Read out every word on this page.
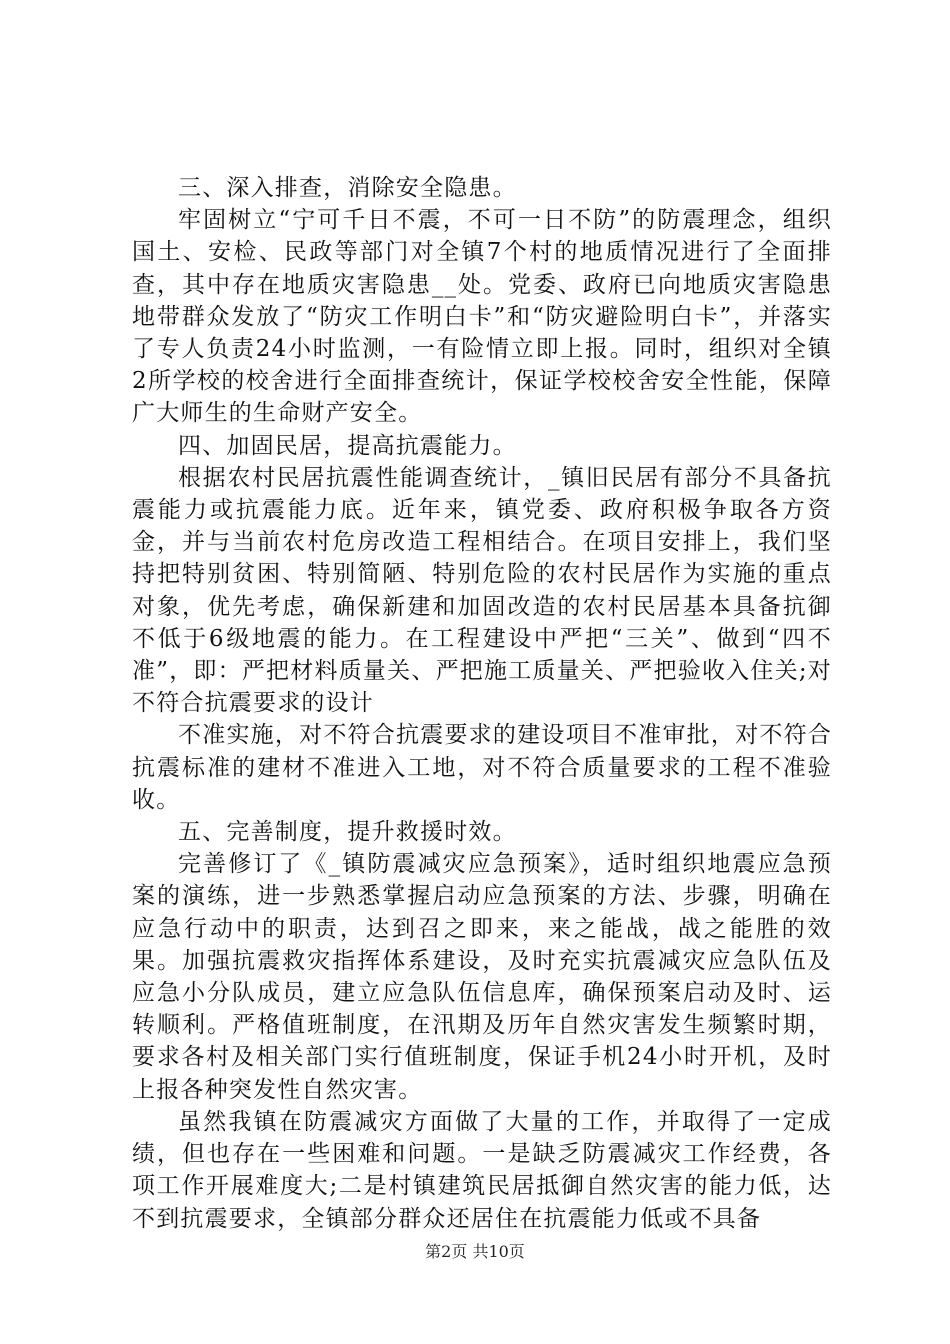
三、深入排查，消除安全隐患。

牢固树立“宁可千日不震，不可一日不防”的防震理念，组织国土、安检、民政等部门对全镇7个村的地质情况进行了全面排查，其中存在地质灾害隐患__处。党委、政府已向地质灾害隐患地带群众发放了“防灾工作明白卡”和“防灾避险明白卡”，并落实了专人负责24小时监测，一有险情立即上报。同时，组织对全镇2所学校的校舍进行全面排查统计，保证学校校舍安全性能，保障广大师生的生命财产安全。

四、加固民居，提高抗震能力。

根据农村民居抗震性能调查统计，_镇旧民居有部分不具备抗震能力或抗震能力底。近年来，镇党委、政府积极争取各方资金，并与当前农村危房改造工程相结合。在项目安排上，我们坚持把特别贫困、特别简陋、特别危险的农村民居作为实施的重点对象，优先考虑，确保新建和加固改造的农村民居基本具备抗御不低于6级地震的能力。在工程建设中严把“三关”、做到“四不准”，即：严把材料质量关、严把施工质量关、严把验收入住关;对不符合抗震要求的设计

不准实施，对不符合抗震要求的建设项目不准审批，对不符合抗震标准的建材不准进入工地，对不符合质量要求的工程不准验收。

五、完善制度，提升救援时效。

完善修订了《_镇防震减灾应急预案》，适时组织地震应急预案的演练，进一步熟悉掌握启动应急预案的方法、步骤，明确在应急行动中的职责，达到召之即来，来之能战，战之能胜的效果。加强抗震救灾指挥体系建设，及时充实抗震减灾应急队伍及应急小分队成员，建立应急队伍信息库，确保预案启动及时、运转顺利。严格值班制度，在汛期及历年自然灾害发生频繁时期，要求各村及相关部门实行值班制度，保证手机24小时开机，及时上报各种突发性自然灾害。

虽然我镇在防震减灾方面做了大量的工作，并取得了一定成绩，但也存在一些困难和问题。一是缺乏防震减灾工作经费，各项工作开展难度大;二是村镇建筑民居抵御自然灾害的能力低，达不到抗震要求，全镇部分群众还居住在抗震能力低或不具备

第2页 共10页
